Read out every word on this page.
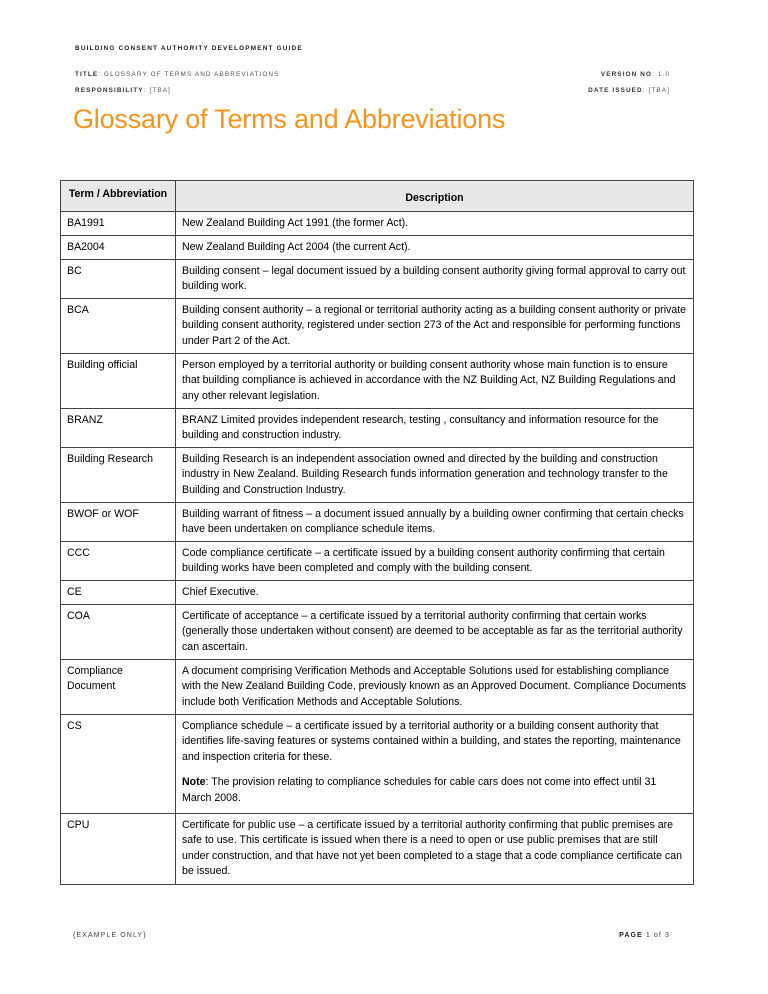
BUILDING CONSENT AUTHORITY DEVELOPMENT GUIDE
TITLE: GLOSSARY OF TERMS AND ABBREVIATIONS	VERSION NO: 1.0
RESPONSIBILITY: [TBA]	DATE ISSUED: [TBA]
Glossary of Terms and Abbreviations
Term / Abbreviation	Description
BA1991	New Zealand Building Act 1991 (the former Act).
BA2004	New Zealand Building Act 2004 (the current Act).
BC	Building consent – legal document issued by a building consent authority giving formal approval to carry out building work.
BCA	Building consent authority – a regional or territorial authority acting as a building consent authority or private building consent authority, registered under section 273 of the Act and responsible for performing functions under Part 2 of the Act.
Building official	Person employed by a territorial authority or building consent authority whose main function is to ensure that building compliance is achieved in accordance with the NZ Building Act, NZ Building Regulations and any other relevant legislation.
BRANZ	BRANZ Limited provides independent research, testing , consultancy and information resource for the building and construction industry.
Building Research	Building Research is an independent association owned and directed by the building and construction industry in New Zealand. Building Research funds information generation and technology transfer to the Building and Construction Industry.
BWOF or WOF	Building warrant of fitness – a document issued annually by a building owner confirming that certain checks have been undertaken on compliance schedule items.
CCC	Code compliance certificate – a certificate issued by a building consent authority confirming that certain building works have been completed and comply with the building consent.
CE	Chief Executive.
COA	Certificate of acceptance – a certificate issued by a territorial authority confirming that certain works (generally those undertaken without consent) are deemed to be acceptable as far as the territorial authority can ascertain.
Compliance Document	A document comprising Verification Methods and Acceptable Solutions used for establishing compliance with the New Zealand Building Code, previously known as an Approved Document. Compliance Documents include both Verification Methods and Acceptable Solutions.
CS	Compliance schedule – a certificate issued by a territorial authority or a building consent authority that identifies life-saving features or systems contained within a building, and states the reporting, maintenance and inspection criteria for these.

Note: The provision relating to compliance schedules for cable cars does not come into effect until 31 March 2008.

CPU	Certificate for public use – a certificate issued by a territorial authority confirming that public premises are safe to use. This certificate is issued when there is a need to open or use public premises that are still under construction, and that have not yet been completed to a stage that a code compliance certificate can be issued.
{EXAMPLE ONLY}	PAGE 1 of 3
